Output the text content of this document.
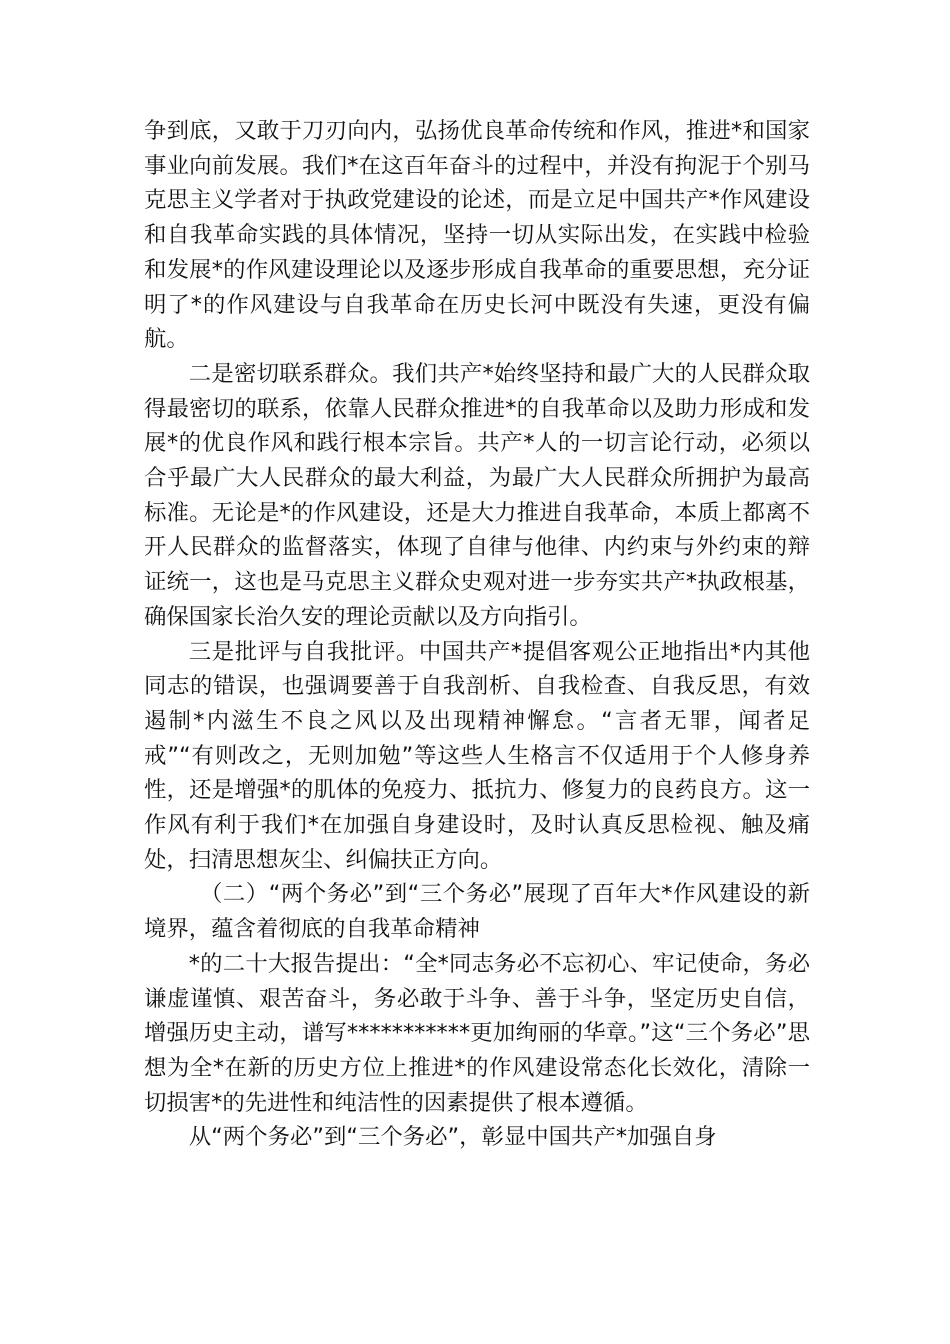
争到底，又敢于刀刃向内，弘扬优良革命传统和作风，推进*和国家事业向前发展。我们*在这百年奋斗的过程中，并没有拘泥于个别马克思主义学者对于执政党建设的论述，而是立足中国共产*作风建设和自我革命实践的具体情况，坚持一切从实际出发，在实践中检验和发展*的作风建设理论以及逐步形成自我革命的重要思想，充分证明了*的作风建设与自我革命在历史长河中既没有失速，更没有偏航。

二是密切联系群众。我们共产*始终坚持和最广大的人民群众取得最密切的联系，依靠人民群众推进*的自我革命以及助力形成和发展*的优良作风和践行根本宗旨。共产*人的一切言论行动，必须以合乎最广大人民群众的最大利益，为最广大人民群众所拥护为最高标准。无论是*的作风建设，还是大力推进自我革命，本质上都离不开人民群众的监督落实，体现了自律与他律、内约束与外约束的辩证统一，这也是马克思主义群众史观对进一步夯实共产*执政根基，确保国家长治久安的理论贡献以及方向指引。

三是批评与自我批评。中国共产*提倡客观公正地指出*内其他同志的错误，也强调要善于自我剖析、自我检查、自我反思，有效遏制*内滋生不良之风以及出现精神懈怠。“言者无罪，闻者足戒”“有则改之，无则加勉”等这些人生格言不仅适用于个人修身养性，还是增强*的肌体的免疫力、抵抗力、修复力的良药良方。这一作风有利于我们*在加强自身建设时，及时认真反思检视、触及痛处，扫清思想灰尘、纠偏扶正方向。

（二）“两个务必”到“三个务必”展现了百年大*作风建设的新境界，蕴含着彻底的自我革命精神

*的二十大报告提出：“全*同志务必不忘初心、牢记使命，务必谦虚谨慎、艰苦奋斗，务必敢于斗争、善于斗争，坚定历史自信，增强历史主动，谱写***********更加绚丽的华章。”这“三个务必”思想为全*在新的历史方位上推进*的作风建设常态化长效化，清除一切损害*的先进性和纯洁性的因素提供了根本遵循。

从“两个务必”到“三个务必”，彰显中国共产*加强自身
